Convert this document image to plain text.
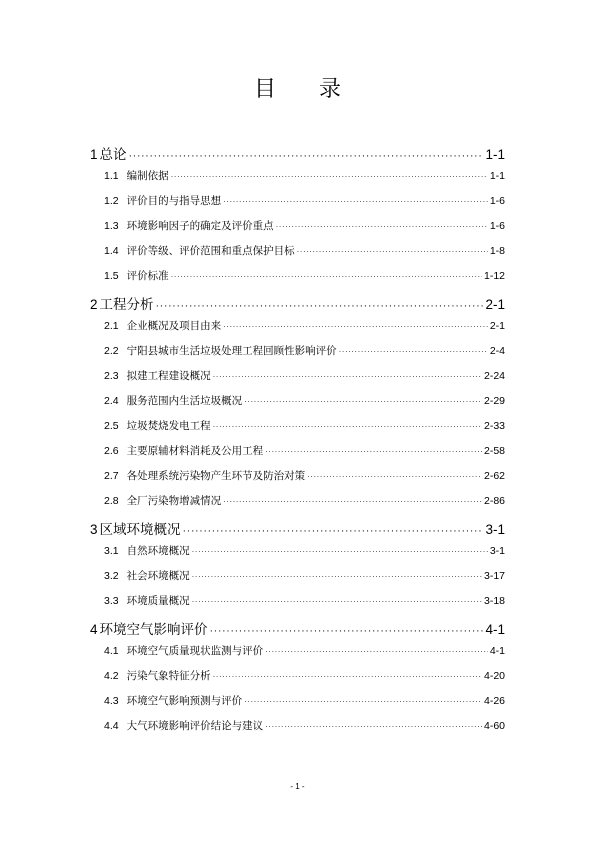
目 录
1 总论 ·····	1-1
1.1 编制依据 ·····	1-1
1.2 评价目的与指导思想 ·····	1-6
1.3 环境影响因子的确定及评价重点 ·····	1-6
1.4 评价等级、评价范围和重点保护目标 ·····	1-8
1.5 评价标准 ·····	1-12
2 工程分析 ·····	2-1
2.1 企业概况及项目由来 ·····	2-1
2.2 宁阳县城市生活垃圾处理工程回顾性影响评价 ·····	2-4
2.3 拟建工程建设概况 ·····	2-24
2.4 服务范围内生活垃圾概况 ·····	2-29
2.5 垃圾焚烧发电工程 ·····	2-33
2.6 主要原辅材料消耗及公用工程 ·····	2-58
2.7 各处理系统污染物产生环节及防治对策 ·····	2-62
2.8 全厂污染物增减情况 ·····	2-86
3 区域环境概况 ·····	3-1
3.1 自然环境概况 ·····	3-1
3.2 社会环境概况 ·····	3-17
3.3 环境质量概况 ·····	3-18
4 环境空气影响评价 ·····	4-1
4.1 环境空气质量现状监测与评价 ·····	4-1
4.2 污染气象特征分析 ·····	4-20
4.3 环境空气影响预测与评价 ·····	4-26
4.4 大气环境影响评价结论与建议 ·····	4-60
- 1 -
